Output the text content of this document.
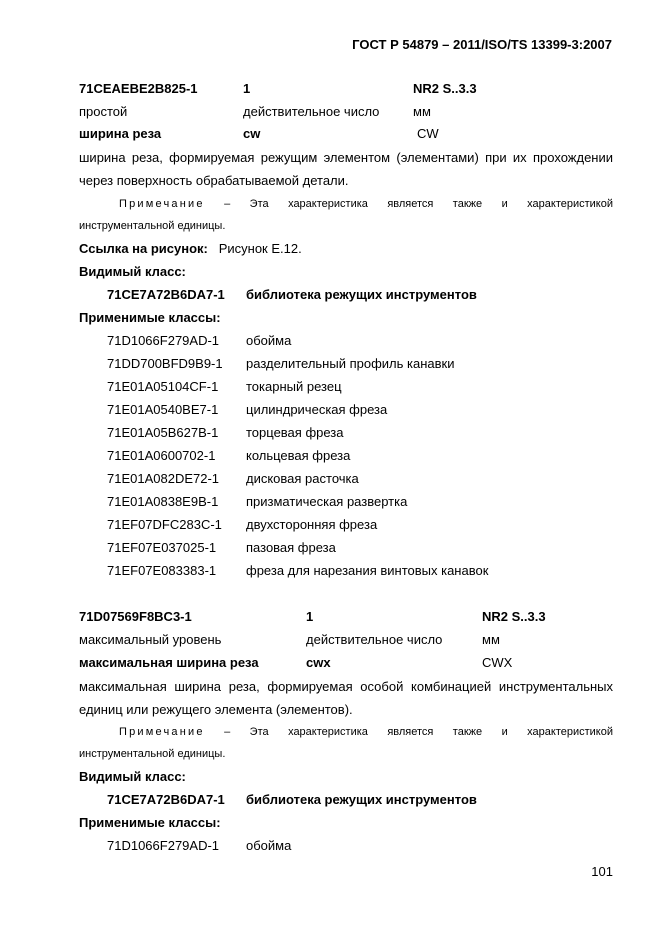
ГОСТ Р 54879 – 2011/ISO/TS 13399-3:2007
71CEAEBE2B825-1	1	NR2 S..3.3
простой	действительное число	мм
ширина реза	cw	CW
ширина реза, формируемая режущим элементом (элементами) при их прохождении через поверхность обрабатываемой детали.
Примечание – Эта характеристика является также и характеристикой
инструментальной единицы.
Ссылка на рисунок: Рисунок E.12.
Видимый класс:
71CE7A72B6DA7-1 библиотека режущих инструментов
Применимые классы:
71D1066F279AD-1 обойма
71DD700BFD9B9-1 разделительный профиль канавки
71E01A05104CF-1 токарный резец
71E01A0540BE7-1 цилиндрическая фреза
71E01A05B627B-1 торцевая фреза
71E01A0600702-1 кольцевая фреза
71E01A082DE72-1 дисковая расточка
71E01A0838E9B-1 призматическая развертка
71EF07DFC283C-1 двухсторонняя фреза
71EF07E037025-1 пазовая фреза
71EF07E083383-1 фреза для нарезания винтовых канавок
71D07569F8BC3-1	1	NR2 S..3.3
максимальный уровень	действительное число	мм
максимальная ширина реза	cwx	CWX
максимальная ширина реза, формируемая особой комбинацией инструментальных единиц или режущего элемента (элементов).
Примечание – Эта характеристика является также и характеристикой
инструментальной единицы.
Видимый класс:
71CE7A72B6DA7-1 библиотека режущих инструментов
Применимые классы:
71D1066F279AD-1 обойма
101
